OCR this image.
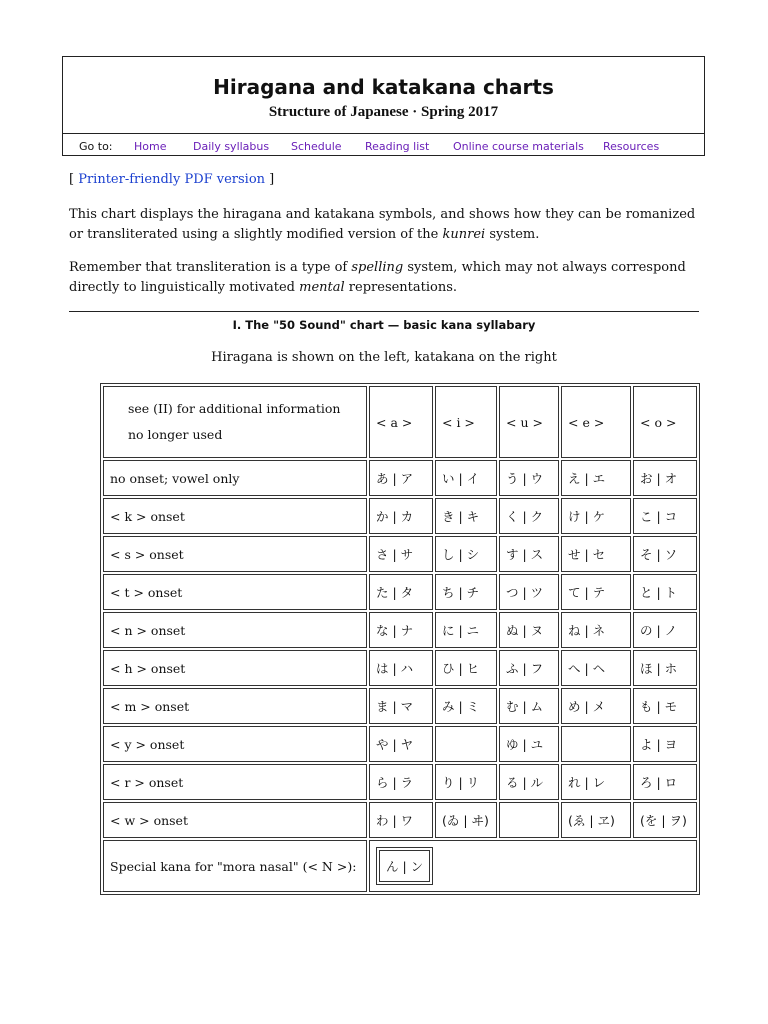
Hiragana and katakana charts
Structure of Japanese · Spring 2017
Go to: Home Daily syllabus Schedule Reading list Online course materials Resources
[ Printer-friendly PDF version ]
This chart displays the hiragana and katakana symbols, and shows how they can be romanized or transliterated using a slightly modified version of the kunrei system.
Remember that transliteration is a type of spelling system, which may not always correspond directly to linguistically motivated mental representations.
I. The "50 Sound" chart — basic kana syllabary
Hiragana is shown on the left, katakana on the right
see (II) for additional information
no longer used	< a >	< i >	< u >	< e >	< o >
no onset; vowel only	あ | ア	い | イ	う | ウ	え | エ	お | オ
< k > onset	か | カ	き | キ	く | ク	け | ケ	こ | コ
< s > onset	さ | サ	し | シ	す | ス	せ | セ	そ | ソ
< t > onset	た | タ	ち | チ	つ | ツ	て | テ	と | ト
< n > onset	な | ナ	に | ニ	ぬ | ヌ	ね | ネ	の | ノ
< h > onset	は | ハ	ひ | ヒ	ふ | フ	へ | ヘ	ほ | ホ
< m > onset	ま | マ	み | ミ	む | ム	め | メ	も | モ
< y > onset	や | ヤ		ゆ | ユ		よ | ヨ
< r > onset	ら | ラ	り | リ	る | ル	れ | レ	ろ | ロ
< w > onset	わ | ワ	(ゐ | ヰ)		(ゑ | ヱ)	(を | ヲ)
Special kana for "mora nasal" (< N >):	ん | ン				
